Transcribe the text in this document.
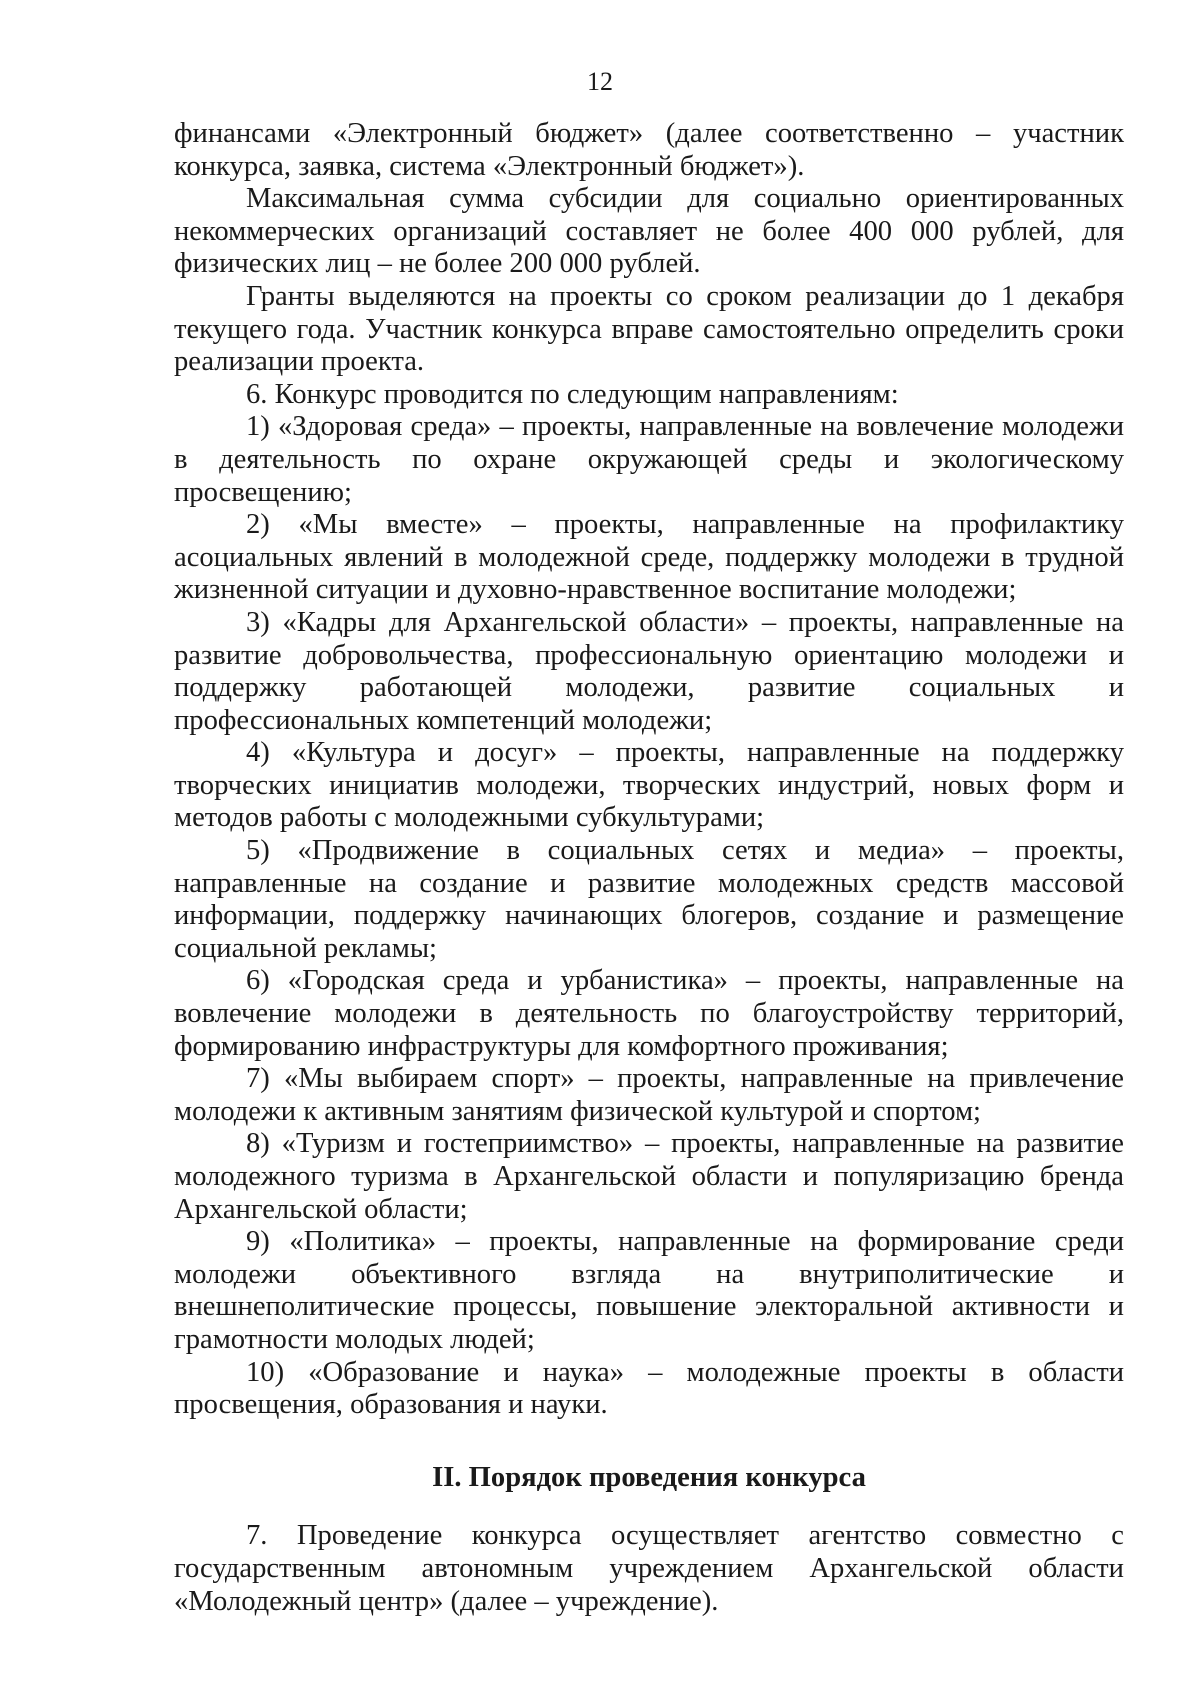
12

финансами «Электронный бюджет» (далее соответственно – участник конкурса, заявка, система «Электронный бюджет»).

Максимальная сумма субсидии для социально ориентированных некоммерческих организаций составляет не более 400 000 рублей, для физических лиц – не более 200 000 рублей.

Гранты выделяются на проекты со сроком реализации до 1 декабря текущего года. Участник конкурса вправе самостоятельно определить сроки реализации проекта.

6. Конкурс проводится по следующим направлениям:

1) «Здоровая среда» – проекты, направленные на вовлечение молодежи в деятельность по охране окружающей среды и экологическому просвещению;

2) «Мы вместе» – проекты, направленные на профилактику асоциальных явлений в молодежной среде, поддержку молодежи в трудной жизненной ситуации и духовно-нравственное воспитание молодежи;

3) «Кадры для Архангельской области» – проекты, направленные на развитие добровольчества, профессиональную ориентацию молодежи и поддержку работающей молодежи, развитие социальных и профессиональных компетенций молодежи;

4) «Культура и досуг» – проекты, направленные на поддержку творческих инициатив молодежи, творческих индустрий, новых форм и методов работы с молодежными субкультурами;

5) «Продвижение в социальных сетях и медиа» – проекты, направленные на создание и развитие молодежных средств массовой информации, поддержку начинающих блогеров, создание и размещение социальной рекламы;

6) «Городская среда и урбанистика» – проекты, направленные на вовлечение молодежи в деятельность по благоустройству территорий, формированию инфраструктуры для комфортного проживания;

7) «Мы выбираем спорт» – проекты, направленные на привлечение молодежи к активным занятиям физической культурой и спортом;

8) «Туризм и гостеприимство» – проекты, направленные на развитие молодежного туризма в Архангельской области и популяризацию бренда Архангельской области;

9) «Политика» – проекты, направленные на формирование среди молодежи объективного взгляда на внутриполитические и внешнеполитические процессы, повышение электоральной активности и грамотности молодых людей;

10) «Образование и наука» – молодежные проекты в области просвещения, образования и науки.

II. Порядок проведения конкурса

7. Проведение конкурса осуществляет агентство совместно с государственным автономным учреждением Архангельской области «Молодежный центр» (далее – учреждение).
